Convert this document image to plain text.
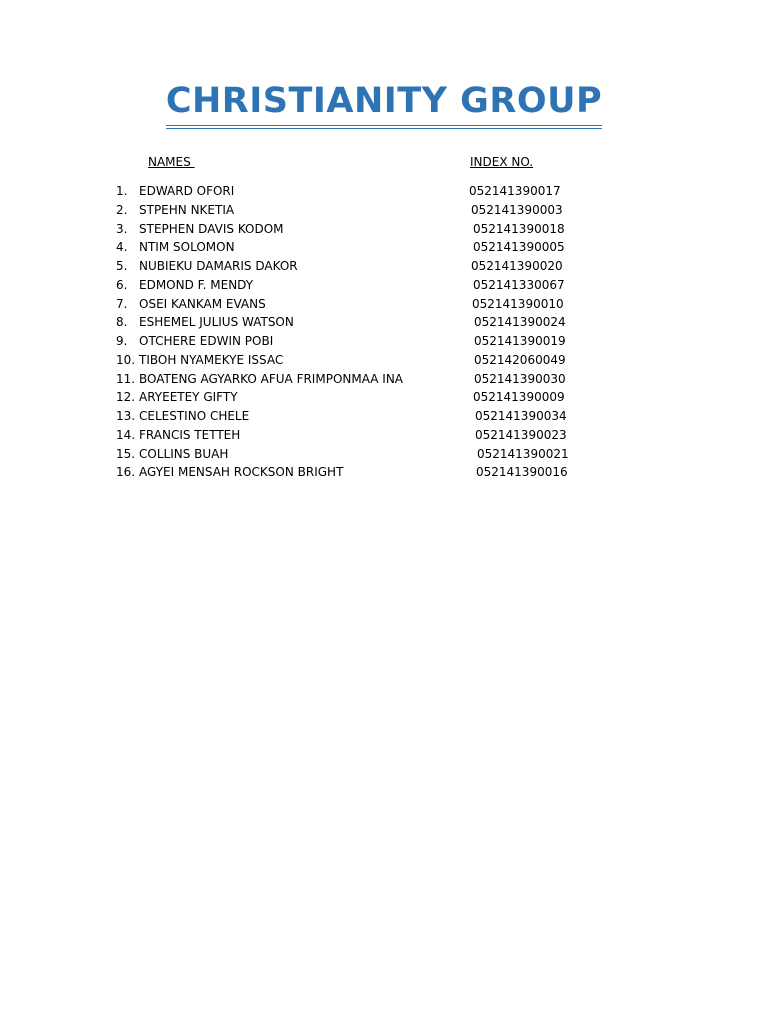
CHRISTIANITY GROUP
NAMES	INDEX NO.
1. EDWARD OFORI	052141390017
2. STPEHN NKETIA	052141390003
3. STEPHEN DAVIS KODOM	052141390018
4. NTIM SOLOMON	052141390005
5. NUBIEKU DAMARIS DAKOR	052141390020
6. EDMOND F. MENDY	052141330067
7. OSEI KANKAM EVANS	052141390010
8. ESHEMEL JULIUS WATSON	052141390024
9. OTCHERE EDWIN POBI	052141390019
10. TIBOH NYAMEKYE ISSAC	052142060049
11. BOATENG AGYARKO AFUA FRIMPONMAA INA	052141390030
12. ARYEETEY GIFTY	052141390009
13. CELESTINO CHELE	052141390034
14. FRANCIS TETTEH	052141390023
15. COLLINS BUAH	052141390021
16. AGYEI MENSAH ROCKSON BRIGHT	052141390016
